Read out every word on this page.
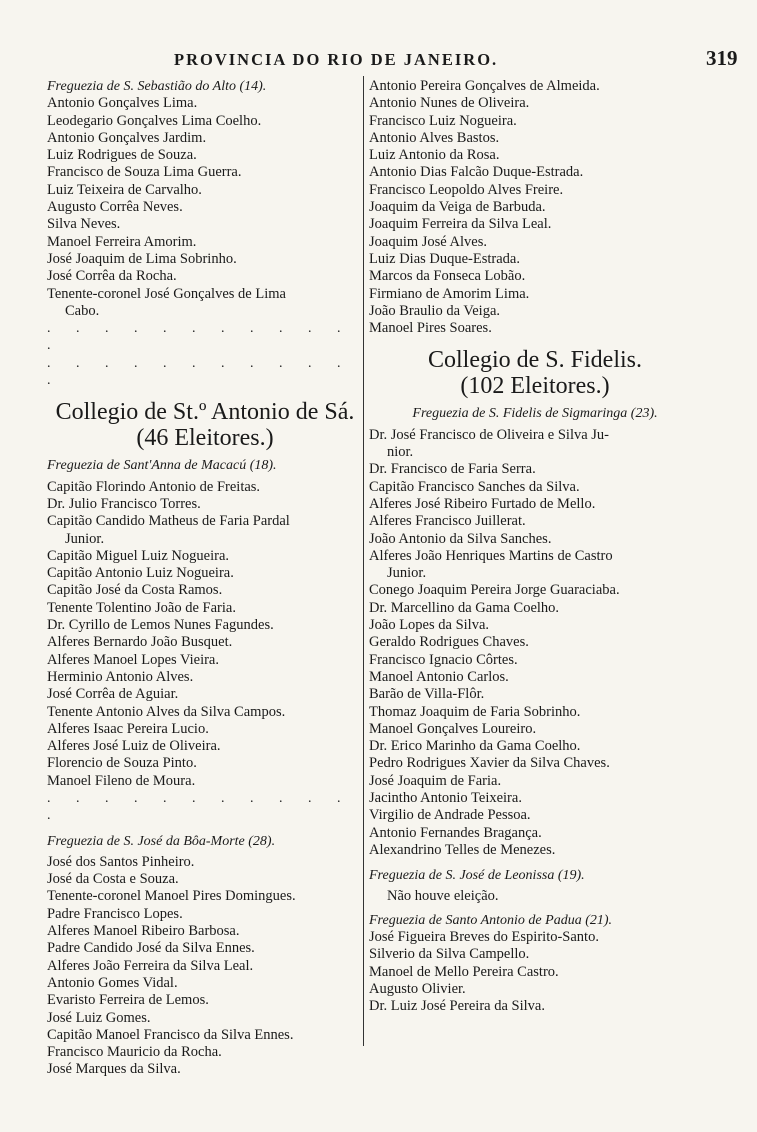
PROVINCIA DO RIO DE JANEIRO.	319
Freguezia de S. Sebastião do Alto (14).
Antonio Gonçalves Lima.
Leodegario Gonçalves Lima Coelho.
Antonio Gonçalves Jardim.
Luiz Rodrigues de Souza.
Francisco de Souza Lima Guerra.
Luiz Teixeira de Carvalho.
Augusto Corrêa Neves.
Silva Neves.
Manoel Ferreira Amorim.
José Joaquim de Lima Sobrinho.
José Corrêa da Rocha.
Tenente-coronel José Gonçalves de Lima
Cabo.
. . . . . . . . . . . .
. . . . . . . . . . . .
Collegio de St.º Antonio de Sá.
(46 Eleitores.)
Freguezia de Sant'Anna de Macacú (18).
Capitão Florindo Antonio de Freitas.
Dr. Julio Francisco Torres.
Capitão Candido Matheus de Faria Pardal
Junior.
Capitão Miguel Luiz Nogueira.
Capitão Antonio Luiz Nogueira.
Capitão José da Costa Ramos.
Tenente Tolentino João de Faria.
Dr. Cyrillo de Lemos Nunes Fagundes.
Alferes Bernardo João Busquet.
Alferes Manoel Lopes Vieira.
Herminio Antonio Alves.
José Corrêa de Aguiar.
Tenente Antonio Alves da Silva Campos.
Alferes Isaac Pereira Lucio.
Alferes José Luiz de Oliveira.
Florencio de Souza Pinto.
Manoel Fileno de Moura.
. . . . . . . . . . . .
Freguezia de S. José da Bôa-Morte (28).
José dos Santos Pinheiro.
José da Costa e Souza.
Tenente-coronel Manoel Pires Domingues.
Padre Francisco Lopes.
Alferes Manoel Ribeiro Barbosa.
Padre Candido José da Silva Ennes.
Alferes João Ferreira da Silva Leal.
Antonio Gomes Vidal.
Evaristo Ferreira de Lemos.
José Luiz Gomes.
Capitão Manoel Francisco da Silva Ennes.
Francisco Mauricio da Rocha.
José Marques da Silva.
Antonio Pereira Gonçalves de Almeida.
Antonio Nunes de Oliveira.
Francisco Luiz Nogueira.
Antonio Alves Bastos.
Luiz Antonio da Rosa.
Antonio Dias Falcão Duque-Estrada.
Francisco Leopoldo Alves Freire.
Joaquim da Veiga de Barbuda.
Joaquim Ferreira da Silva Leal.
Joaquim José Alves.
Luiz Dias Duque-Estrada.
Marcos da Fonseca Lobão.
Firmiano de Amorim Lima.
João Braulio da Veiga.
Manoel Pires Soares.
Collegio de S. Fidelis.
(102 Eleitores.)
Freguezia de S. Fidelis de Sigmaringa (23).
Dr. José Francisco de Oliveira e Silva Ju-
nior.
Dr. Francisco de Faria Serra.
Capitão Francisco Sanches da Silva.
Alferes José Ribeiro Furtado de Mello.
Alferes Francisco Juillerat.
João Antonio da Silva Sanches.
Alferes João Henriques Martins de Castro
Junior.
Conego Joaquim Pereira Jorge Guaraciaba.
Dr. Marcellino da Gama Coelho.
João Lopes da Silva.
Geraldo Rodrigues Chaves.
Francisco Ignacio Côrtes.
Manoel Antonio Carlos.
Barão de Villa-Flôr.
Thomaz Joaquim de Faria Sobrinho.
Manoel Gonçalves Loureiro.
Dr. Erico Marinho da Gama Coelho.
Pedro Rodrigues Xavier da Silva Chaves.
José Joaquim de Faria.
Jacintho Antonio Teixeira.
Virgilio de Andrade Pessoa.
Antonio Fernandes Bragança.
Alexandrino Telles de Menezes.
Freguezia de S. José de Leonissa (19).
Não houve eleição.
Freguezia de Santo Antonio de Padua (21).
José Figueira Breves do Espirito-Santo.
Silverio da Silva Campello.
Manoel de Mello Pereira Castro.
Augusto Olivier.
Dr. Luiz José Pereira da Silva.
